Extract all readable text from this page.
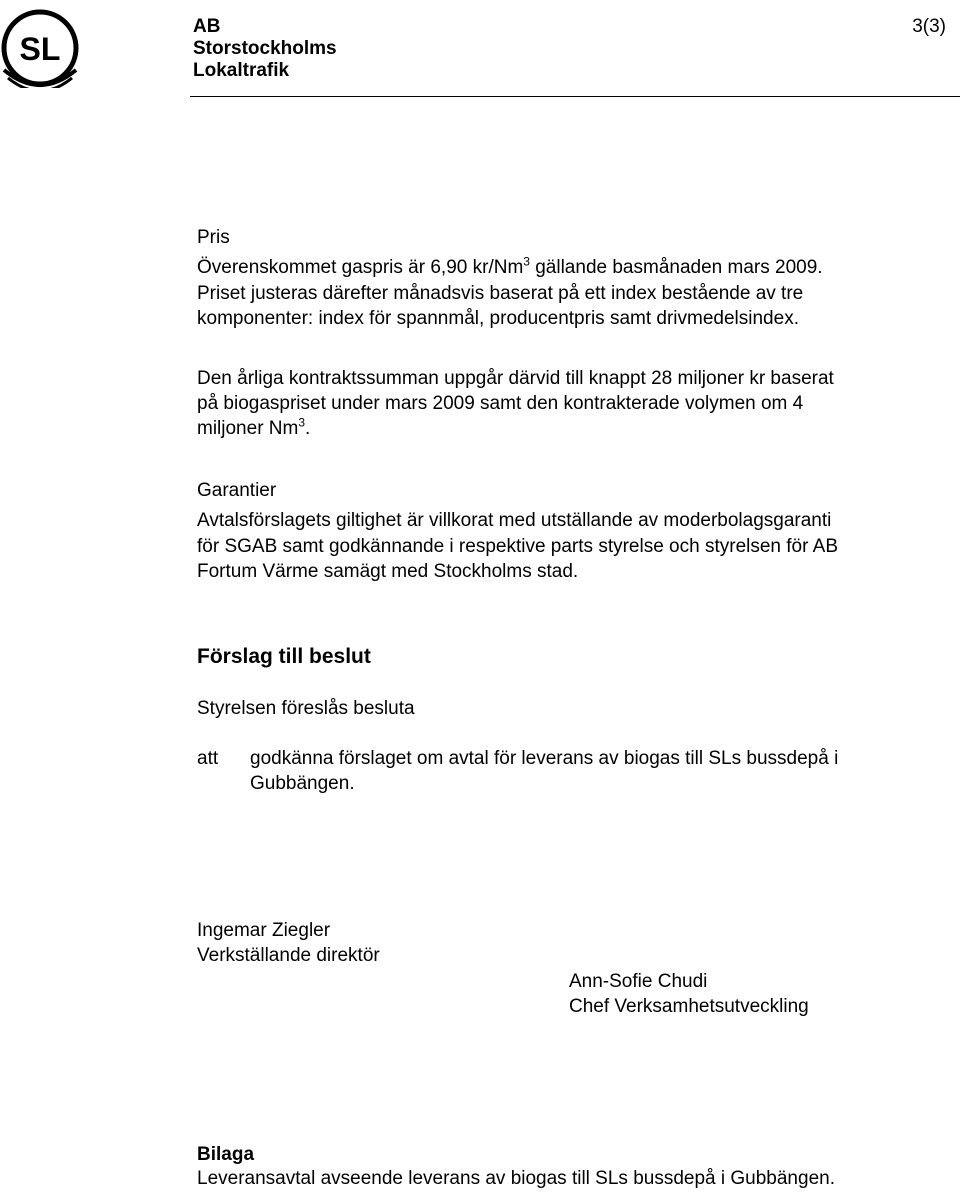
SL
AB
Storstockholms
Lokaltrafik
3(3)
Pris
Överenskommet gaspris är 6,90 kr/Nm$^3$ gällande basmånaden mars 2009.
Priset justeras därefter månadsvis baserat på ett index bestående av tre
komponenter: index för spannmål, producentpris samt drivmedelsindex.
Den årliga kontraktssumman uppgår därvid till knappt 28 miljoner kr baserat
på biogaspriset under mars 2009 samt den kontrakterade volymen om 4
miljoner Nm$^3$.
Garantier
Avtalsförslagets giltighet är villkorat med utställande av moderbolagsgaranti
för SGAB samt godkännande i respektive parts styrelse och styrelsen för AB
Fortum Värme samägt med Stockholms stad.
Förslag till beslut
Styrelsen föreslås besluta
att godkänna förslaget om avtal för leverans av biogas till SLs bussdepå i
Gubbängen.
Ingemar Ziegler
Verkställande direktör
Ann-Sofie Chudi
Chef Verksamhetsutveckling
Bilaga
Leveransavtal avseende leverans av biogas till SLs bussdepå i Gubbängen.
